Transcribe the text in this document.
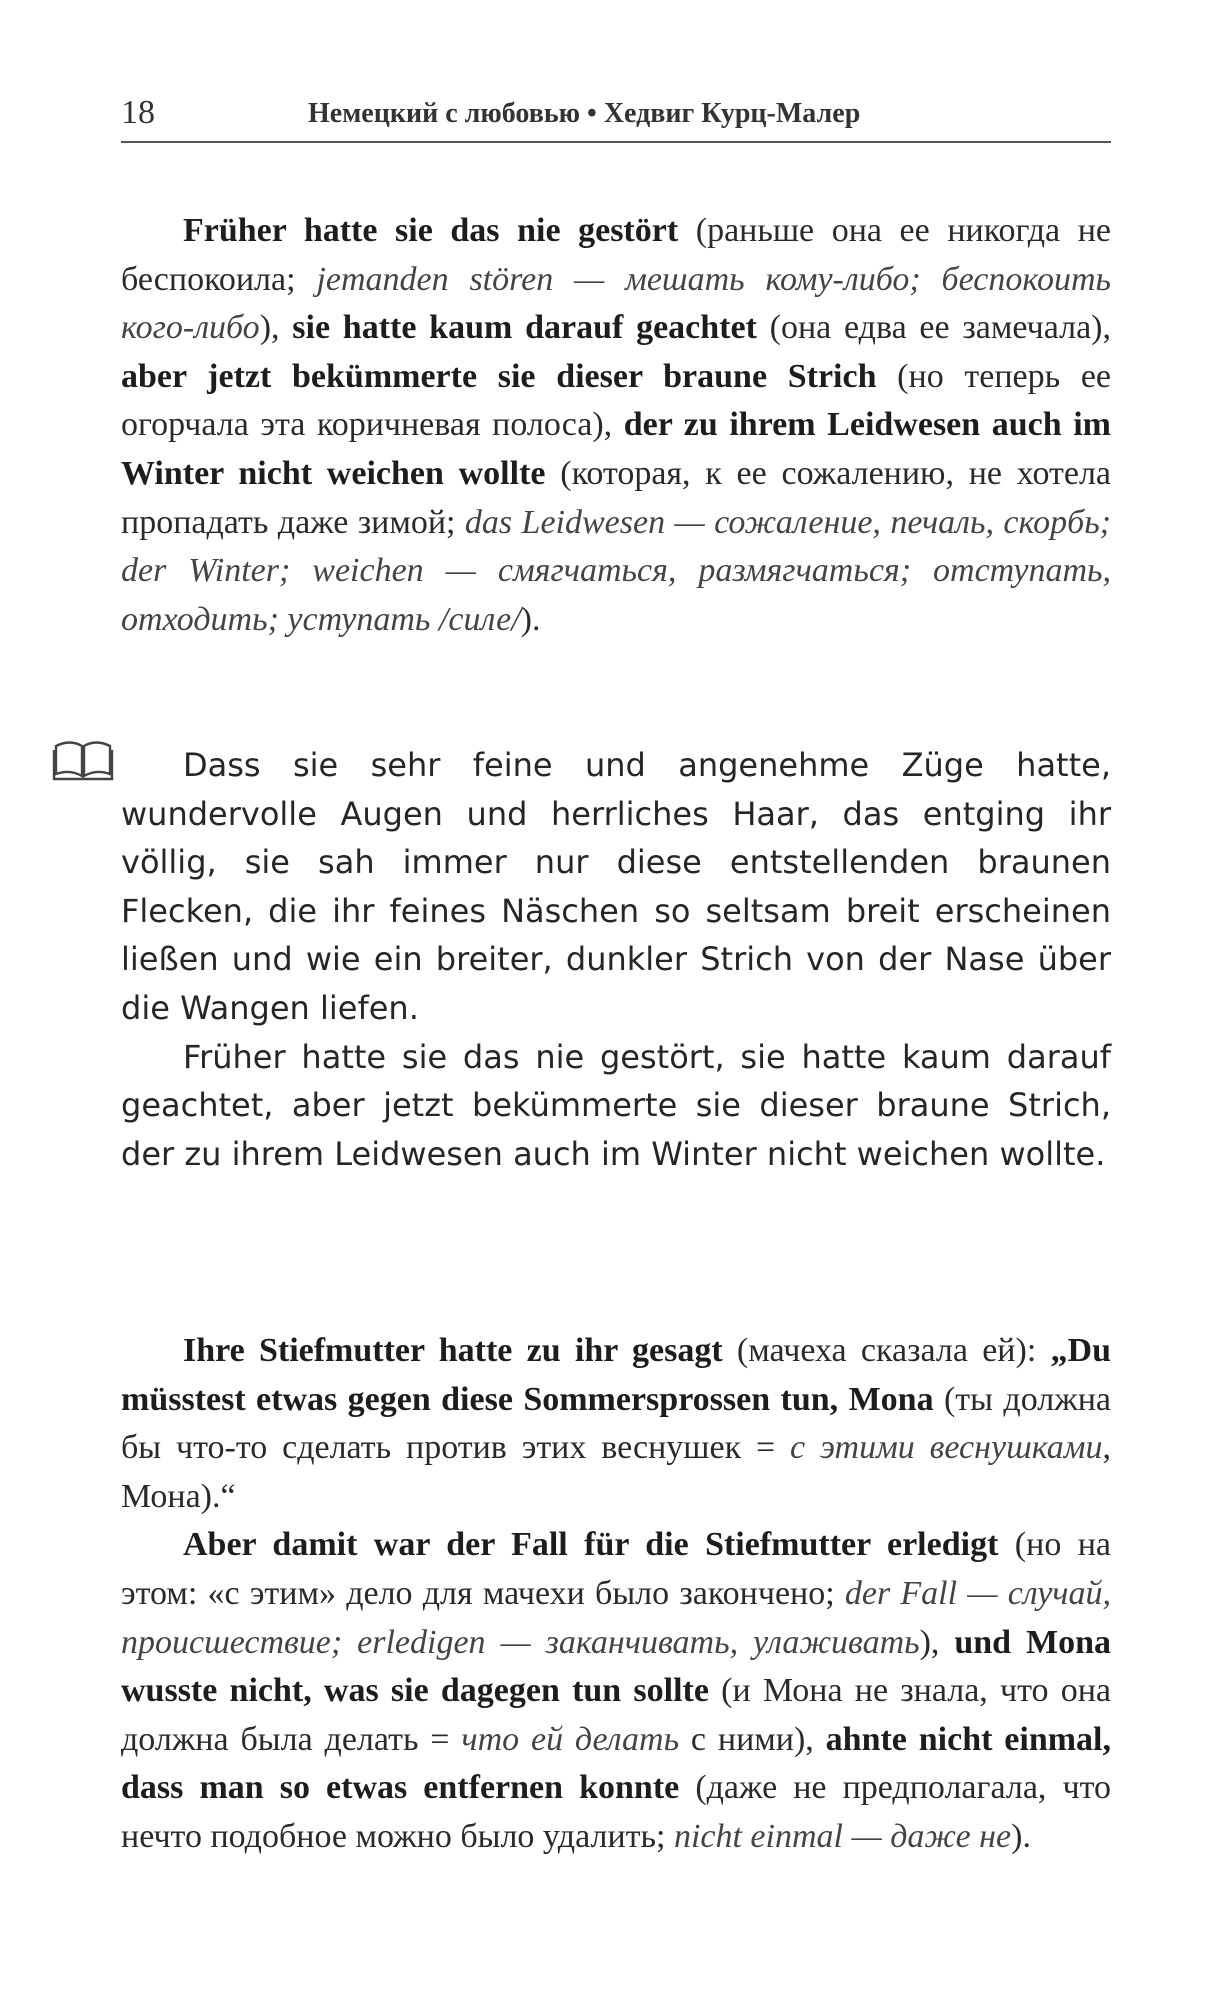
18	Немецкий с любовью • Хедвиг Курц-Малер

Früher hatte sie das nie gestört (раньше она ее никогда не беспокоила; jemanden stören — мешать кому-либо; беспокоить кого-либо), sie hatte kaum darauf geachtet (она едва ее замечала), aber jetzt bekümmerte sie dieser braune Strich (но теперь ее огорчала эта коричневая полоса), der zu ihrem Leidwesen auch im Winter nicht weichen wollte (которая, к ее сожалению, не хотела пропадать даже зимой; das Leidwesen — сожаление, печаль, скорбь; der Winter; weichen — смягчаться, размягчаться; отступать, отходить; уступать /силе/).

Dass sie sehr feine und angenehme Züge hatte, wundervolle Augen und herrliches Haar, das entging ihr völlig, sie sah immer nur diese entstellenden braunen Flecken, die ihr feines Näschen so seltsam breit erscheinen ließen und wie ein breiter, dunkler Strich von der Nase über die Wangen liefen.

Früher hatte sie das nie gestört, sie hatte kaum darauf geachtet, aber jetzt bekümmerte sie dieser braune Strich, der zu ihrem Leidwesen auch im Winter nicht weichen wollte.

Ihre Stiefmutter hatte zu ihr gesagt (мачеха сказала ей): „Du müsstest etwas gegen diese Sommersprossen tun, Mona (ты должна бы что-то сделать против этих веснушек = с этими веснушками, Мона).“

Aber damit war der Fall für die Stiefmutter erledigt (но на этом: «с этим» дело для мачехи было закончено; der Fall — случай, происшествие; erledigen — заканчивать, улаживать), und Mona wusste nicht, was sie dagegen tun sollte (и Мона не знала, что она должна была делать = что ей делать с ними), ahnte nicht einmal, dass man so etwas entfernen konnte (даже не предполагала, что нечто подобное можно было удалить; nicht einmal — даже не).
